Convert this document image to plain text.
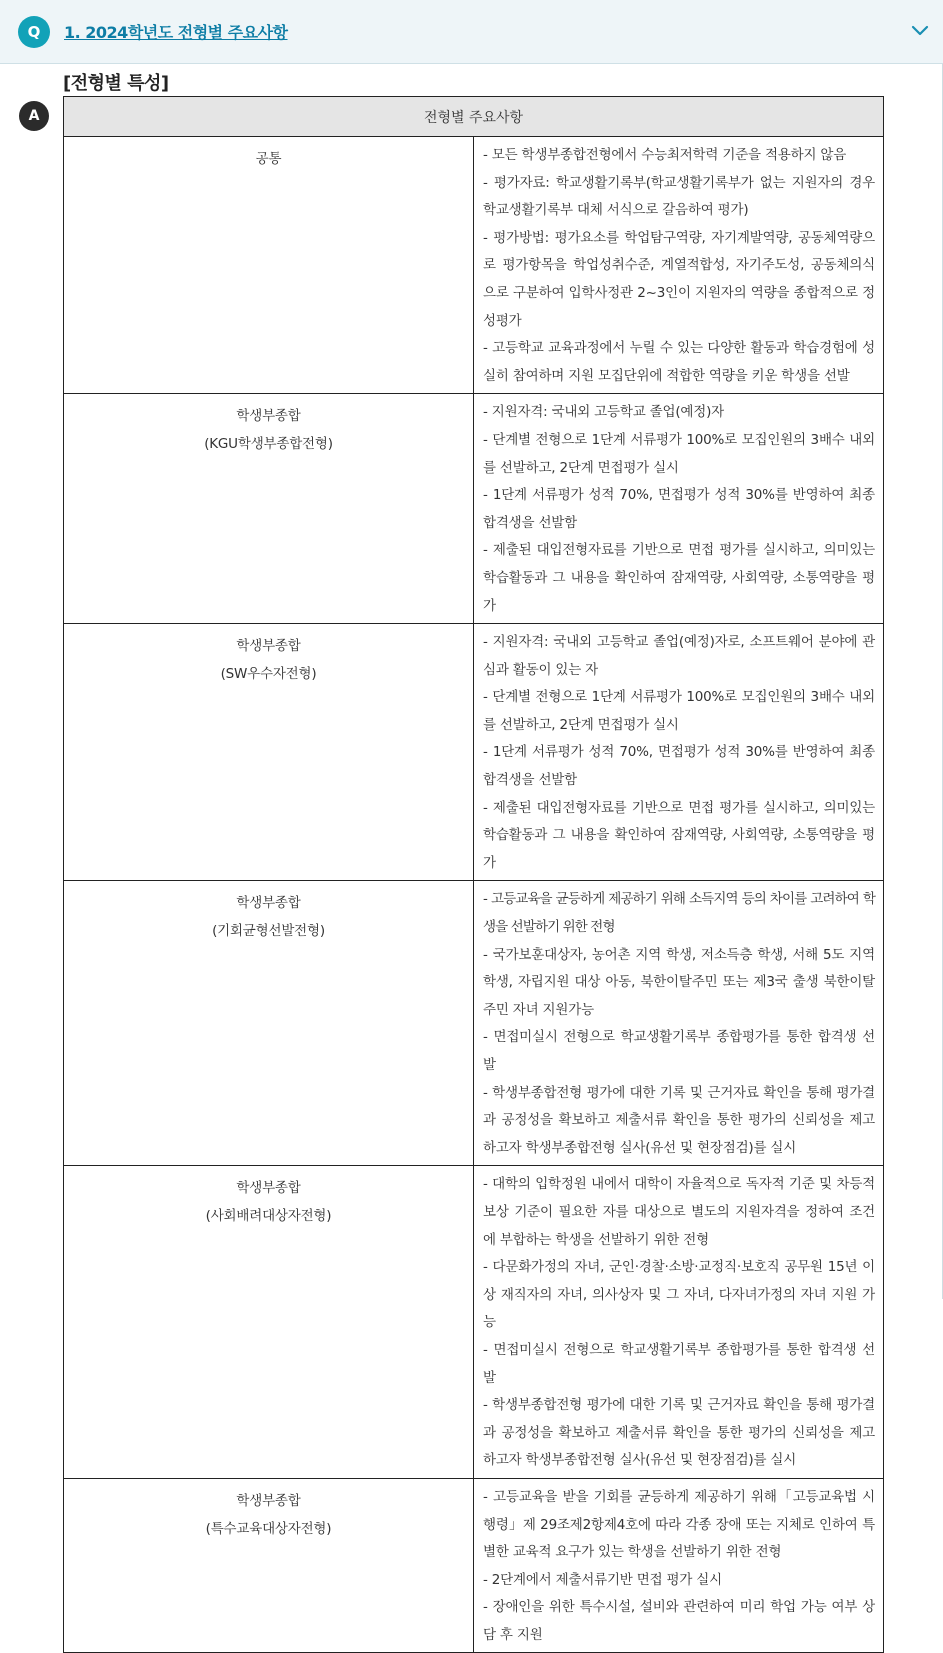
Q	1. 2024학년도 전형별 주요사항
[전형별 특성]
A	전형별 주요사항	

공통	- 모든 학생부종합전형에서 수능최저학력 기준을 적용하지 않음
- 평가자료: 학교생활기록부(학교생활기록부가 없는 지원자의 경우 학교생활기록부 대체 서식으로 갈음하여 평가)
- 평가방법: 평가요소를 학업탐구역량, 자기계발역량, 공동체역량으로 평가항목을 학업성취수준, 계열적합성, 자기주도성, 공동체의식으로 구분하여 입학사정관 2~3인이 지원자의 역량을 종합적으로 정성평가
- 고등학교 교육과정에서 누릴 수 있는 다양한 활동과 학습경험에 성실히 참여하며 지원 모집단위에 적합한 역량을 키운 학생을 선발

학생부종합
(KGU학생부종합전형)	- 지원자격: 국내외 고등학교 졸업(예정)자
- 단계별 전형으로 1단계 서류평가 100%로 모집인원의 3배수 내외를 선발하고, 2단계 면접평가 실시
- 1단계 서류평가 성적 70%, 면접평가 성적 30%를 반영하여 최종합격생을 선발함
- 제출된 대입전형자료를 기반으로 면접 평가를 실시하고, 의미있는 학습활동과 그 내용을 확인하여 잠재역량, 사회역량, 소통역량을 평가

학생부종합
(SW우수자전형)	- 지원자격: 국내외 고등학교 졸업(예정)자로, 소프트웨어 분야에 관심과 활동이 있는 자
- 단계별 전형으로 1단계 서류평가 100%로 모집인원의 3배수 내외를 선발하고, 2단계 면접평가 실시
- 1단계 서류평가 성적 70%, 면접평가 성적 30%를 반영하여 최종합격생을 선발함
- 제출된 대입전형자료를 기반으로 면접 평가를 실시하고, 의미있는 학습활동과 그 내용을 확인하여 잠재역량, 사회역량, 소통역량을 평가

학생부종합
(기회균형선발전형)	- 고등교육을 균등하게 제공하기 위해 소득지역 등의 차이를 고려하여 학생을 선발하기 위한 전형
- 국가보훈대상자, 농어촌 지역 학생, 저소득층 학생, 서해 5도 지역 학생, 자립지원 대상 아동, 북한이탈주민 또는 제3국 출생 북한이탈주민 자녀 지원가능
- 면접미실시 전형으로 학교생활기록부 종합평가를 통한 합격생 선발
- 학생부종합전형 평가에 대한 기록 및 근거자료 확인을 통해 평가결과 공정성을 확보하고 제출서류 확인을 통한 평가의 신뢰성을 제고하고자 학생부종합전형 실사(유선 및 현장점검)를 실시

학생부종합
(사회배려대상자전형)	- 대학의 입학정원 내에서 대학이 자율적으로 독자적 기준 및 차등적 보상 기준이 필요한 자를 대상으로 별도의 지원자격을 정하여 조건에 부합하는 학생을 선발하기 위한 전형
- 다문화가정의 자녀, 군인·경찰·소방·교정직·보호직 공무원 15년 이상 재직자의 자녀, 의사상자 및 그 자녀, 다자녀가정의 자녀 지원 가능
- 면접미실시 전형으로 학교생활기록부 종합평가를 통한 합격생 선발
- 학생부종합전형 평가에 대한 기록 및 근거자료 확인을 통해 평가결과 공정성을 확보하고 제출서류 확인을 통한 평가의 신뢰성을 제고하고자 학생부종합전형 실사(유선 및 현장점검)를 실시

학생부종합
(특수교육대상자전형)	- 고등교육을 받을 기회를 균등하게 제공하기 위해「고등교육법 시행령」제 29조제2항제4호에 따라 각종 장애 또는 지체로 인하여 특별한 교육적 요구가 있는 학생을 선발하기 위한 전형
- 2단계에서 제출서류기반 면접 평가 실시
- 장애인을 위한 특수시설, 설비와 관련하여 미리 학업 가능 여부 상담 후 지원
